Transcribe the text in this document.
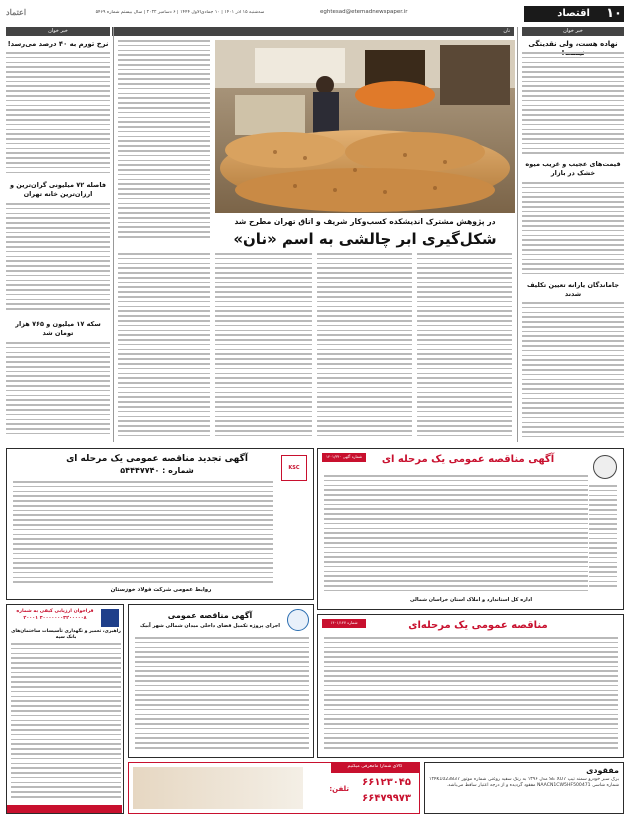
۱۰
اقتصاد
eghtesad@etemadnewspaper.ir
سه‌شنبه ۱۵ آذر ۱۴۰۱ | ۱۰ جمادی‌الاول ۱۴۴۴ | ۶ دسامبر ۲۰۲۲ | سال بیستم شماره ۵۴۶۹
اعتماد
خبر خوان
نهاده هست، ولی نقدینگی
قیمت‌های عجیب و غریب میوه خشک در بازار
جاماندگان یارانه تعیین تکلیف شدند
نان
در پژوهش مشترک اندیشکده کسب‌وکار شریف و اتاق تهران مطرح شد
شکل‌گیری ابر چالشی به اسم «نان»
خبر خوان
نرخ تورم به ۴۰ درصد می‌رسد!
فاصله ۷۲ میلیونی گران‌ترین و ارزان‌ترین خانه تهران
سکه ۱۷ میلیون و ۷۶۵ هزار تومان شد
شماره آگهی ۱۴۰۱/۳۴۰	آگهی مناقصه عمومی یک مرحله ای
اداره کل استاندارد و املاک استان خراسان شمالی
KSC
آگهی تجدید مناقصه عمومی یک مرحله ای
شماره : ۵۴۴۴۷۷۴۰
روابط عمومی شرکت فولاد خوزستان
شماره ۱۴۰۱/۱۴۷	مناقصه عمومی یک مرحله‌ای
آگهی مناقصه عمومی
اجرای پروژه تکمیل فضای داخلی میدان شمالی شهر آبیک
فراخوان ارزیابی کیفی به شماره ۴۰۰۰۰۰۰۰۳۲۰۰۰۰۰۸ ۲۰۰۰۱
راهبری، تعمیر و نگهداری تأسیسات ساختمان‌های بانک سپه
مفقودی
برگ سبز خودرو سمند تیپ SE XU7 مدل ۱۳۹۶ به رنگ سفید روغنی شماره موتور ۱۲۴K1023837 شماره شاسی NAACN1CW5HF500471 مفقود گردیده و از درجه اعتبار ساقط می‌باشد.
کالای شمارا مامعرفی میکنیم
تلفن:
۶۶۱۲۳۰۴۵
۶۶۴۷۹۹۷۳
